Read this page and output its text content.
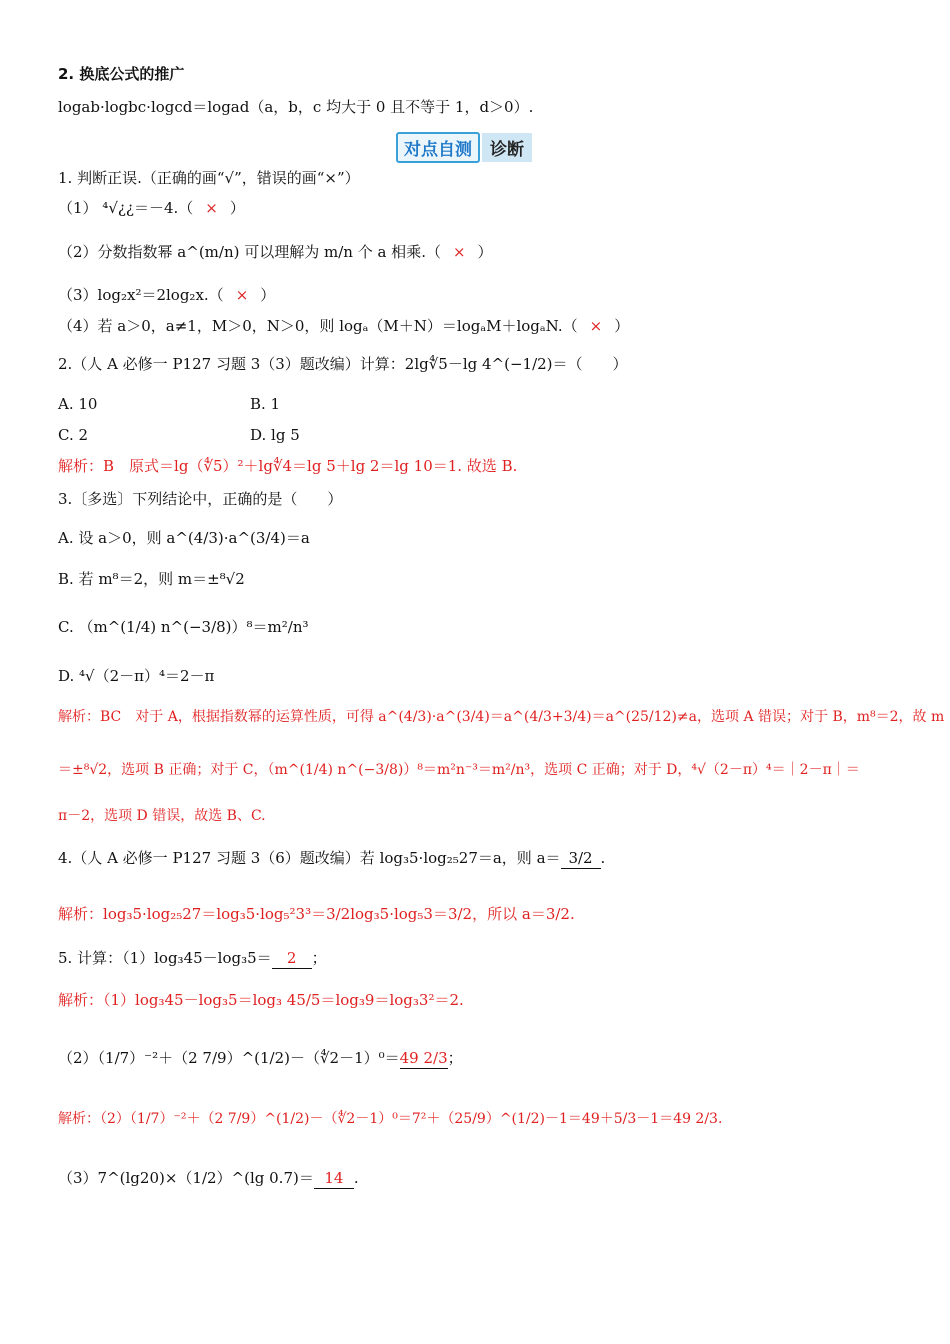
2. 换底公式的推广
logab·logbc·logcd＝logad（a，b，c 均大于 0 且不等于 1，d＞0）.
对点自测	诊断
1. 判断正误.（正确的画“√”，错误的画“×”）
（1） ⁴√¿¿＝－4.（ × ）
（2）分数指数幂 a^(m/n) 可以理解为 m/n 个 a 相乘.（ × ）
（3）log₂x²＝2log₂x.（ × ）
（4）若 a＞0，a≠1，M＞0，N＞0，则 logₐ（M＋N）＝logₐM＋logₐN.（ × ）
2.（人 A 必修一 P127 习题 3（3）题改编）计算：2lg∜5－lg 4^(−1/2)＝（　　）
A. 10	B. 1
C. 2	D. lg 5
解析：B　原式＝lg（∜5）²＋lg∜4＝lg 5＋lg 2＝lg 10＝1. 故选 B.
3.〔多选〕下列结论中，正确的是（　　）
A. 设 a＞0，则 a^(4/3)·a^(3/4)＝a
B. 若 m⁸＝2，则 m＝±⁸√2
C. （m^(1/4) n^(−3/8)）⁸＝m²/n³
D. ⁴√（2－π）⁴＝2－π
解析：BC　对于 A，根据指数幂的运算性质，可得 a^(4/3)·a^(3/4)＝a^(4/3+3/4)＝a^(25/12)≠a，选项 A 错误；对于 B，m⁸＝2，故 m
＝±⁸√2，选项 B 正确；对于 C，（m^(1/4) n^(−3/8)）⁸＝m²n⁻³＝m²/n³，选项 C 正确；对于 D，⁴√（2－π）⁴＝｜2－π｜＝
π－2，选项 D 错误，故选 B、C.
4.（人 A 必修一 P127 习题 3（6）题改编）若 log₃5·log₂₅27＝a，则 a＝ 3/2 .
解析：log₃5·log₂₅27＝log₃5·log₅²3³＝3/2log₃5·log₅3＝3/2，所以 a＝3/2.
5. 计算：（1）log₃45－log₃5＝ 2 ；
解析：（1）log₃45－log₃5＝log₃ 45/5＝log₃9＝log₃3²＝2.
（2）（1/7）⁻²＋（2 7/9）^(1/2)－（∜2－1）⁰＝49 2/3；
解析：（2）（1/7）⁻²＋（2 7/9）^(1/2)－（∜2－1）⁰＝7²＋（25/9）^(1/2)－1＝49＋5/3－1＝49 2/3.
（3）7^(lg20)×（1/2）^(lg 0.7)＝ 14 .
